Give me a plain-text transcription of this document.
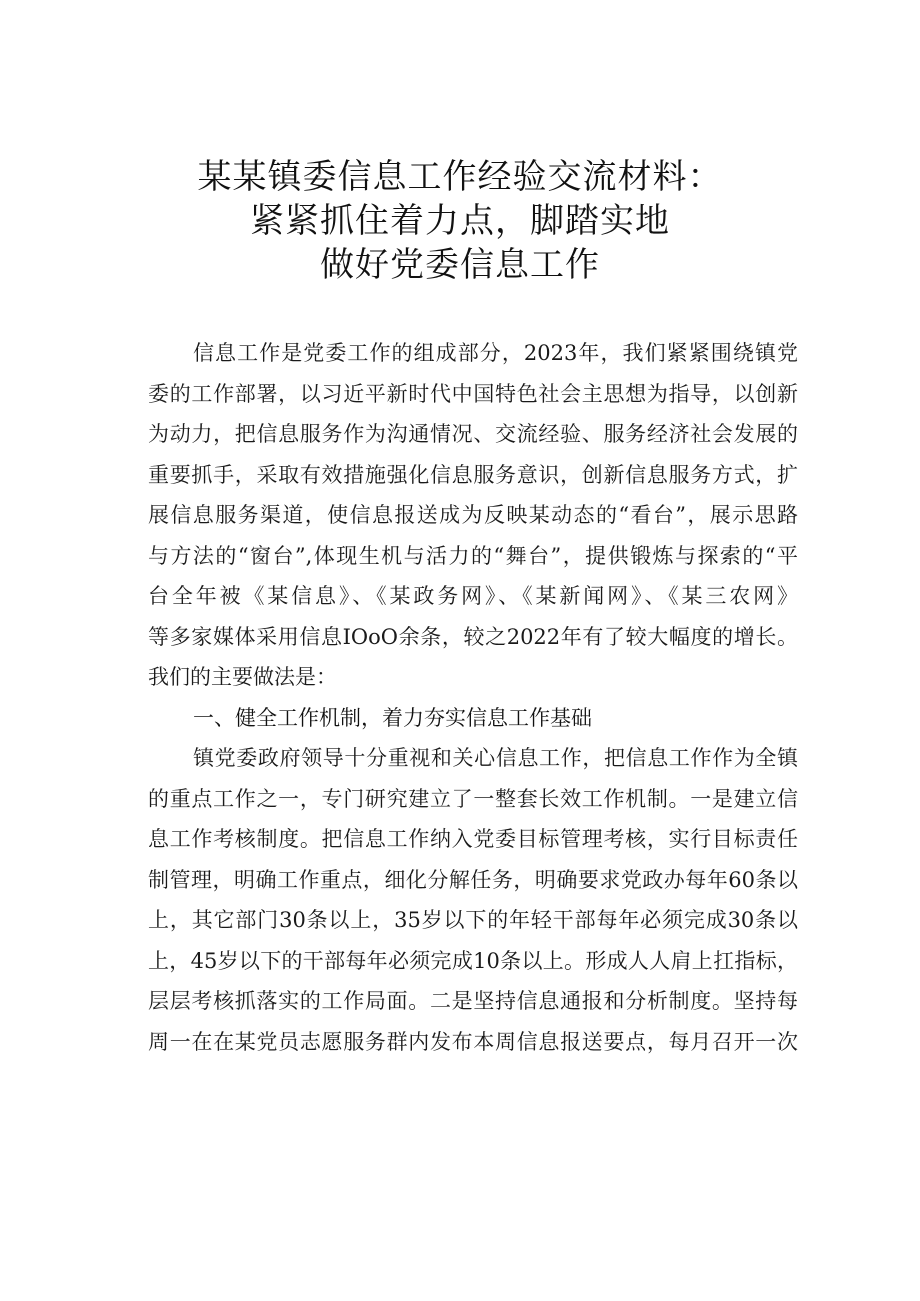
某某镇委信息工作经验交流材料：
紧紧抓住着力点，脚踏实地
做好党委信息工作
信息工作是党委工作的组成部分，2023年，我们紧紧围绕镇党
委的工作部署，以习近平新时代中国特色社会主思想为指导，以创新
为动力，把信息服务作为沟通情况、交流经验、服务经济社会发展的
重要抓手，采取有效措施强化信息服务意识，创新信息服务方式，扩
展信息服务渠道，使信息报送成为反映某动态的“看台”，展示思路
与方法的“窗台”,体现生机与活力的“舞台”，提供锻炼与探索的“平
台全年被《某信息》、《某政务网》、《某新闻网》、《某三农网》
等多家媒体采用信息IOoO余条，较之2022年有了较大幅度的增长。
我们的主要做法是：
一、健全工作机制，着力夯实信息工作基础
镇党委政府领导十分重视和关心信息工作，把信息工作作为全镇
的重点工作之一，专门研究建立了一整套长效工作机制。一是建立信
息工作考核制度。把信息工作纳入党委目标管理考核，实行目标责任
制管理，明确工作重点，细化分解任务，明确要求党政办每年60条以
上，其它部门30条以上，35岁以下的年轻干部每年必须完成30条以
上，45岁以下的干部每年必须完成10条以上。形成人人肩上扛指标，
层层考核抓落实的工作局面。二是坚持信息通报和分析制度。坚持每
周一在在某党员志愿服务群内发布本周信息报送要点，每月召开一次
